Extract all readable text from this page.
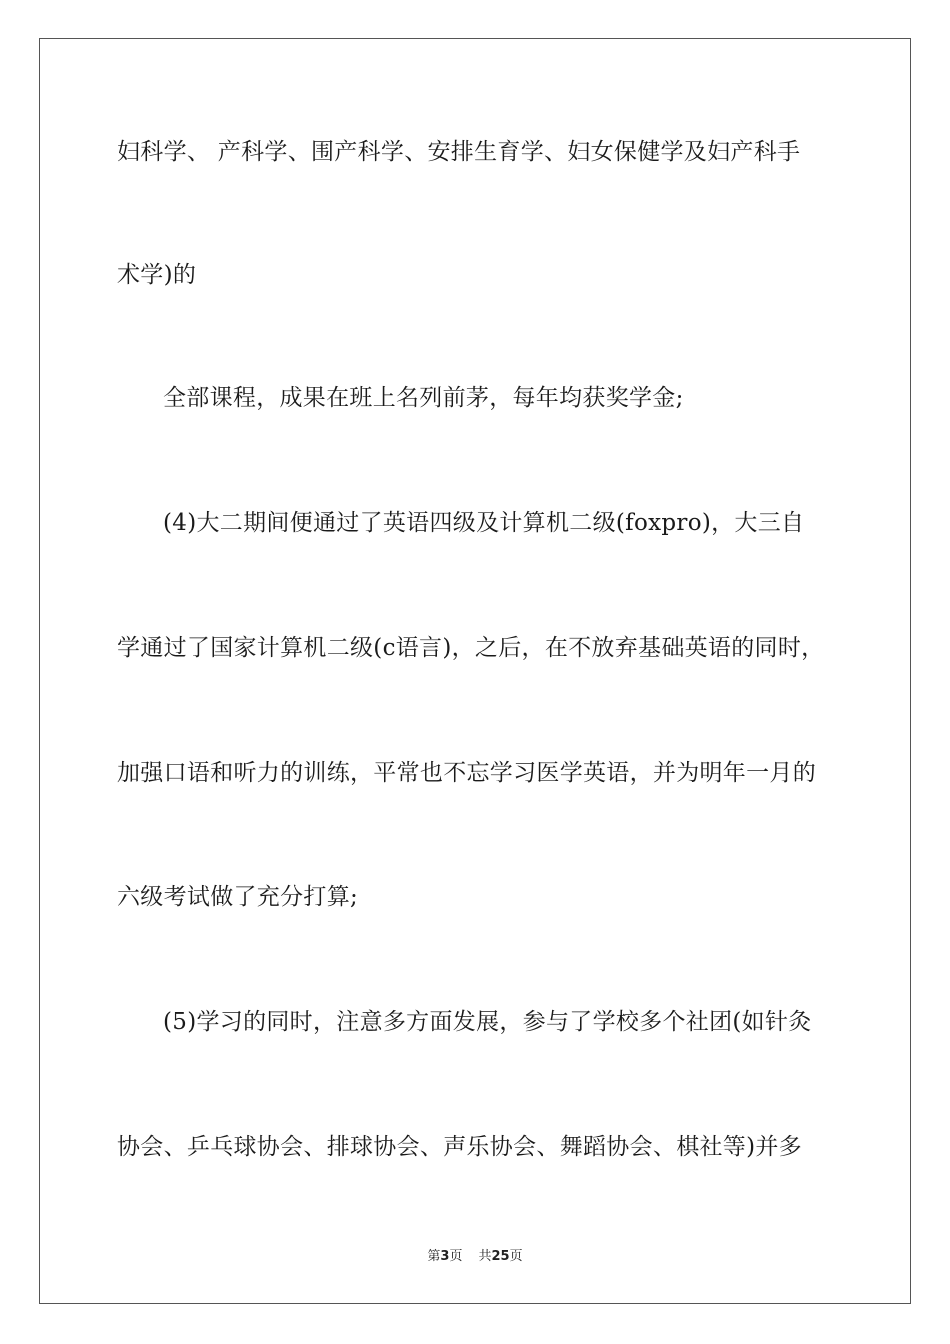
妇科学、 产科学、围产科学、安排生育学、妇女保健学及妇产科手
术学)的
全部课程，成果在班上名列前茅，每年均获奖学金;
(4)大二期间便通过了英语四级及计算机二级(foxpro)，大三自
学通过了国家计算机二级(c语言)，之后，在不放弃基础英语的同时，
加强口语和听力的训练，平常也不忘学习医学英语，并为明年一月的
六级考试做了充分打算;
(5)学习的同时，注意多方面发展，参与了学校多个社团(如针灸
协会、乒乓球协会、排球协会、声乐协会、舞蹈协会、棋社等)并多
第3页 共25页
